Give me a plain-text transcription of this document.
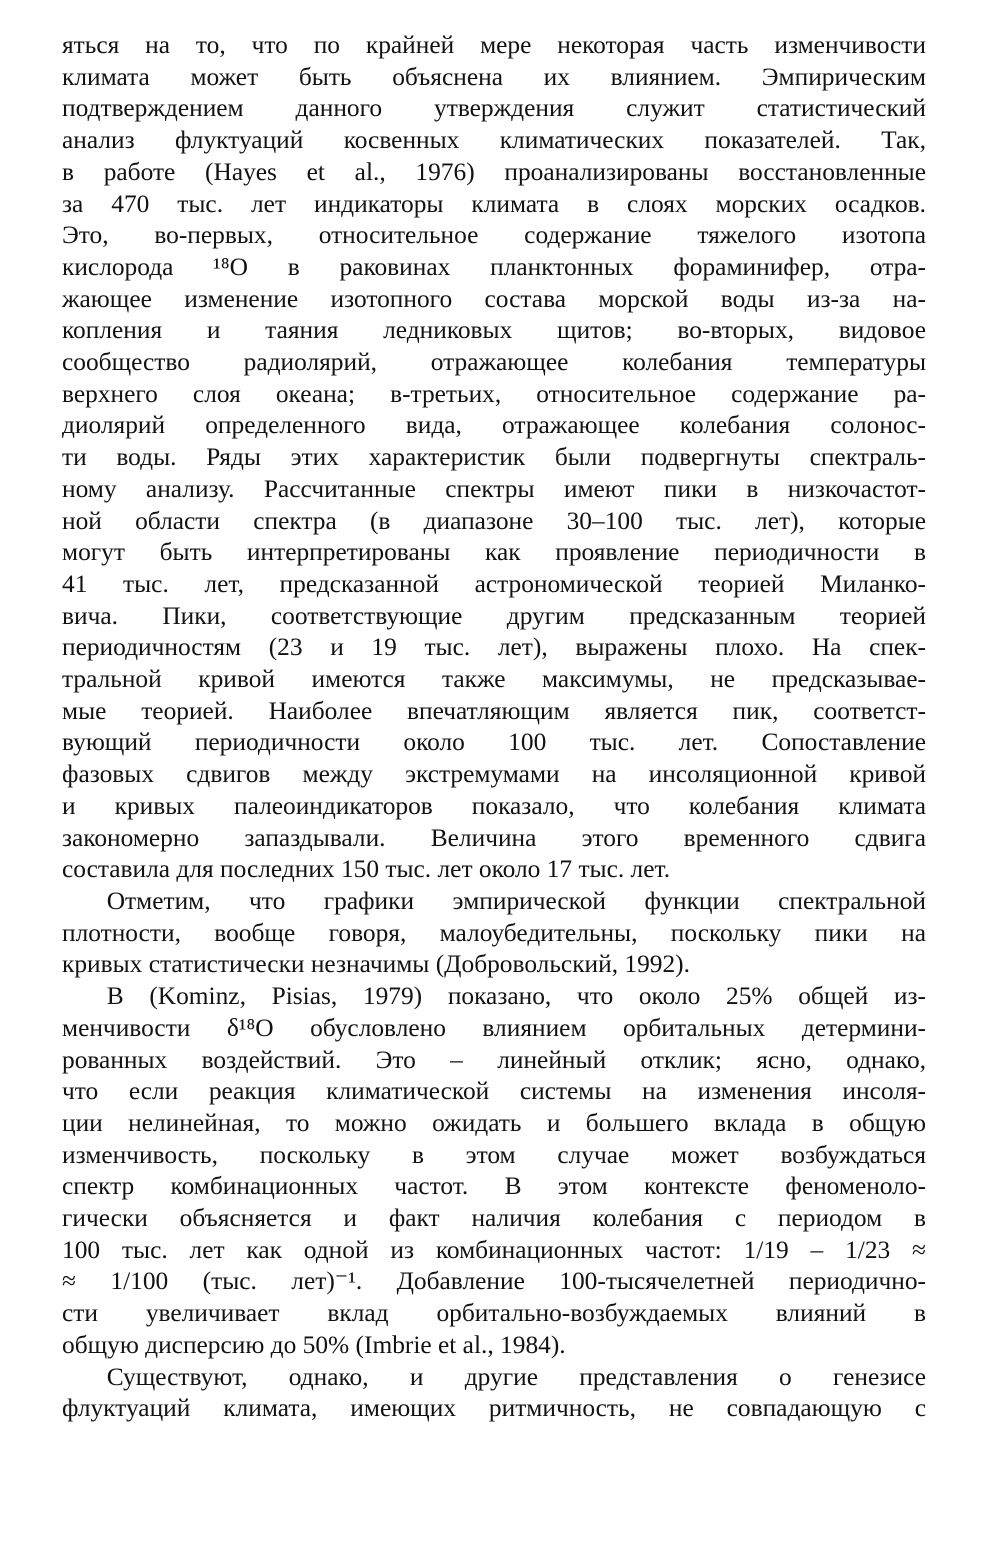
яться на то, что по крайней мере некоторая часть изменчивости
климата может быть объяснена их влиянием. Эмпирическим
подтверждением данного утверждения служит статистический
анализ флуктуаций косвенных климатических показателей. Так,
в работе (Hayes et al., 1976) проанализированы восстановленные
за 470 тыс. лет индикаторы климата в слоях морских осадков.
Это, во-первых, относительное содержание тяжелого изотопа
кислорода ¹⁸O в раковинах планктонных фораминифер, отра-
жающее изменение изотопного состава морской воды из-за на-
копления и таяния ледниковых щитов; во-вторых, видовое
сообщество радиолярий, отражающее колебания температуры
верхнего слоя океана; в-третьих, относительное содержание ра-
диолярий определенного вида, отражающее колебания солонос-
ти воды. Ряды этих характеристик были подвергнуты спектраль-
ному анализу. Рассчитанные спектры имеют пики в низкочастот-
ной области спектра (в диапазоне 30–100 тыс. лет), которые
могут быть интерпретированы как проявление периодичности в
41 тыс. лет, предсказанной астрономической теорией Миланко-
вича. Пики, соответствующие другим предсказанным теорией
периодичностям (23 и 19 тыс. лет), выражены плохо. На спек-
тральной кривой имеются также максимумы, не предсказывае-
мые теорией. Наиболее впечатляющим является пик, соответст-
вующий периодичности около 100 тыс. лет. Сопоставление
фазовых сдвигов между экстремумами на инсоляционной кривой
и кривых палеоиндикаторов показало, что колебания климата
закономерно запаздывали. Величина этого временного сдвига
составила для последних 150 тыс. лет около 17 тыс. лет.
Отметим, что графики эмпирической функции спектральной
плотности, вообще говоря, малоубедительны, поскольку пики на
кривых статистически незначимы (Добровольский, 1992).
В (Kominz, Pisias, 1979) показано, что около 25% общей из-
менчивости δ¹⁸O обусловлено влиянием орбитальных детермини-
рованных воздействий. Это – линейный отклик; ясно, однако,
что если реакция климатической системы на изменения инсоля-
ции нелинейная, то можно ожидать и большего вклада в общую
изменчивость, поскольку в этом случае может возбуждаться
спектр комбинационных частот. В этом контексте феноменоло-
гически объясняется и факт наличия колебания с периодом в
100 тыс. лет как одной из комбинационных частот: 1/19 – 1/23 ≈
≈ 1/100 (тыс. лет)⁻¹. Добавление 100-тысячелетней периодично-
сти увеличивает вклад орбитально-возбуждаемых влияний в
общую дисперсию до 50% (Imbrie et al., 1984).
Существуют, однако, и другие представления о генезисе
флуктуаций климата, имеющих ритмичность, не совпадающую с
